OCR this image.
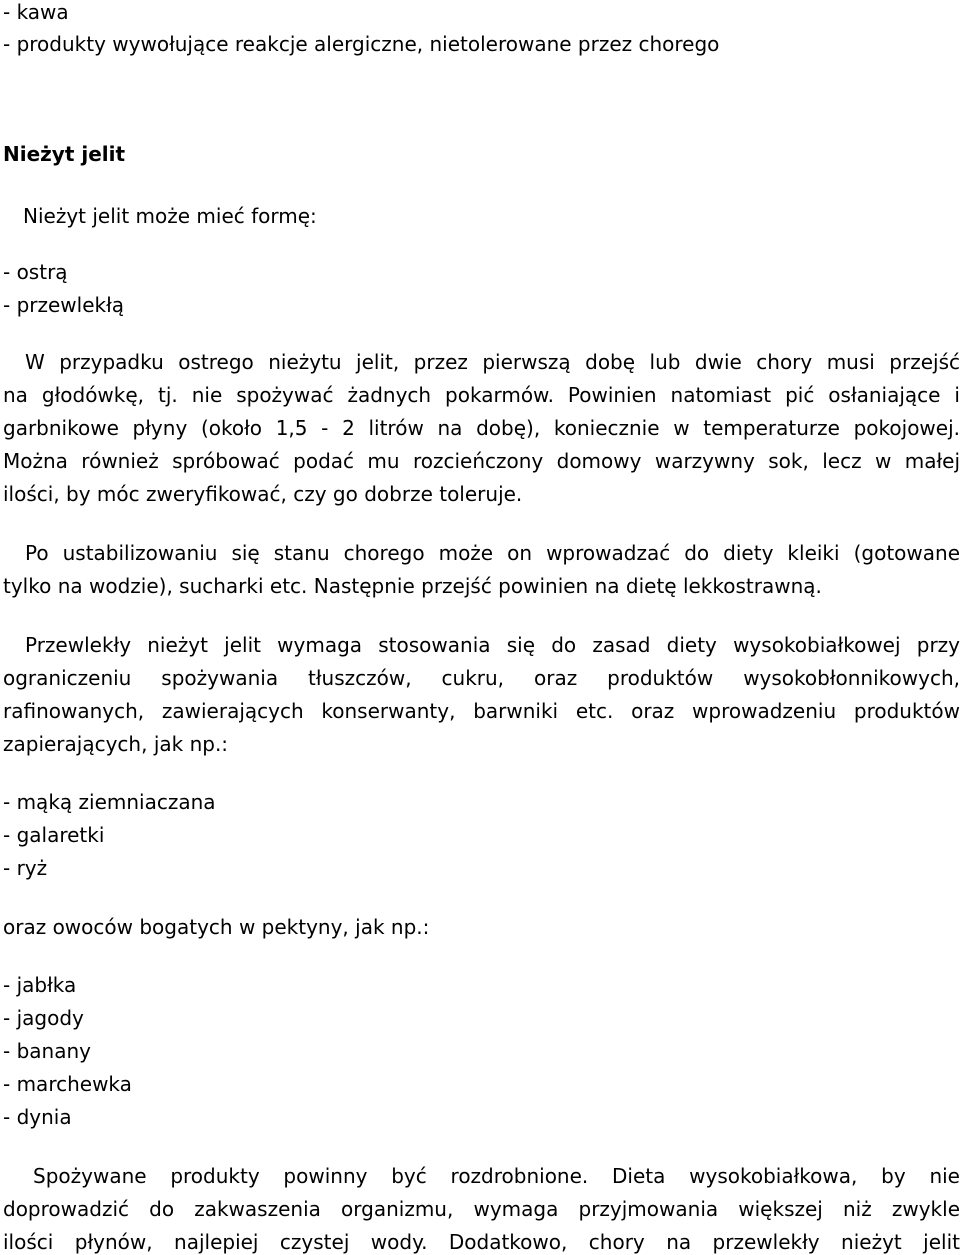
- kawa
- produkty wywołujące reakcje alergiczne, nietolerowane przez chorego
Nieżyt jelit
Nieżyt jelit może mieć formę:
- ostrą
- przewlekłą
W przypadku ostrego nieżytu jelit, przez pierwszą dobę lub dwie chory musi przejść
na głodówkę, tj. nie spożywać żadnych pokarmów. Powinien natomiast pić osłaniające i
garbnikowe płyny (około 1,5 - 2 litrów na dobę), koniecznie w temperaturze pokojowej.
Można również spróbować podać mu rozcieńczony domowy warzywny sok, lecz w małej
ilości, by móc zweryfikować, czy go dobrze toleruje.
Po ustabilizowaniu się stanu chorego może on wprowadzać do diety kleiki (gotowane
tylko na wodzie), sucharki etc. Następnie przejść powinien na dietę lekkostrawną.
Przewlekły nieżyt jelit wymaga stosowania się do zasad diety wysokobiałkowej przy
ograniczeniu spożywania tłuszczów, cukru, oraz produktów wysokobłonnikowych,
rafinowanych, zawierających konserwanty, barwniki etc. oraz wprowadzeniu produktów
zapierających, jak np.:
- mąką ziemniaczana
- galaretki
- ryż
oraz owoców bogatych w pektyny, jak np.:
- jabłka
- jagody
- banany
- marchewka
- dynia
Spożywane produkty powinny być rozdrobnione. Dieta wysokobiałkowa, by nie
doprowadzić do zakwaszenia organizmu, wymaga przyjmowania większej niż zwykle
ilości płynów, najlepiej czystej wody. Dodatkowo, chory na przewlekły nieżyt jelit
